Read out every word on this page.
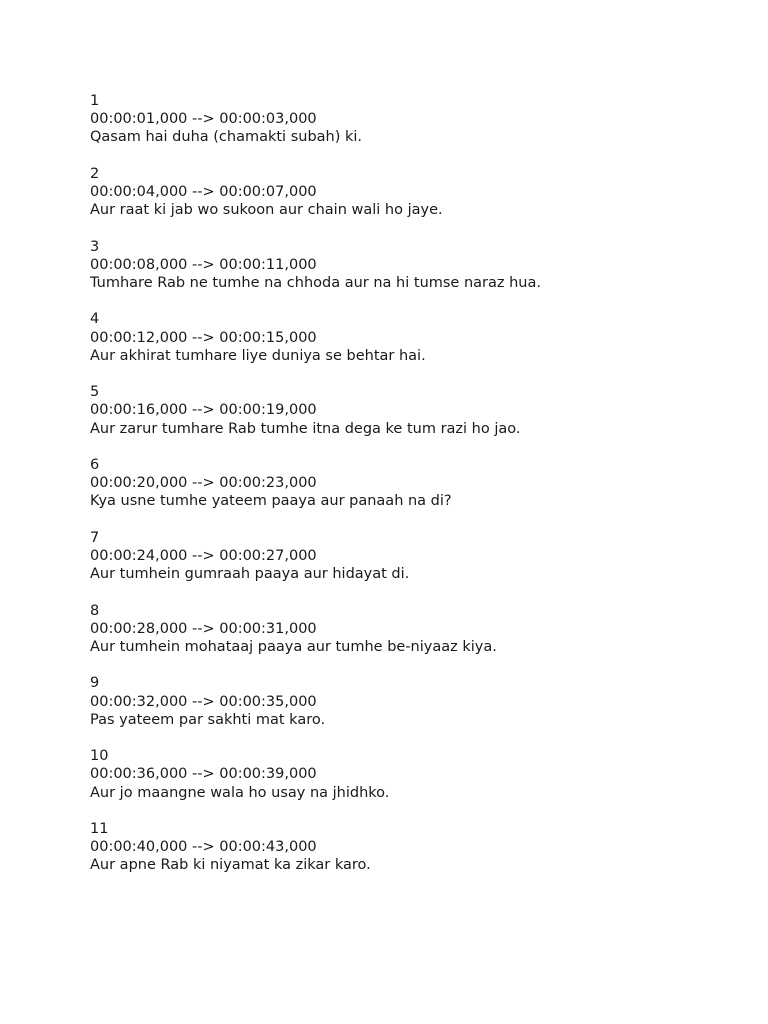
1
00:00:01,000 --> 00:00:03,000
Qasam hai duha (chamakti subah) ki.
2
00:00:04,000 --> 00:00:07,000
Aur raat ki jab wo sukoon aur chain wali ho jaye.
3
00:00:08,000 --> 00:00:11,000
Tumhare Rab ne tumhe na chhoda aur na hi tumse naraz hua.
4
00:00:12,000 --> 00:00:15,000
Aur akhirat tumhare liye duniya se behtar hai.
5
00:00:16,000 --> 00:00:19,000
Aur zarur tumhare Rab tumhe itna dega ke tum razi ho jao.
6
00:00:20,000 --> 00:00:23,000
Kya usne tumhe yateem paaya aur panaah na di?
7
00:00:24,000 --> 00:00:27,000
Aur tumhein gumraah paaya aur hidayat di.
8
00:00:28,000 --> 00:00:31,000
Aur tumhein mohataaj paaya aur tumhe be-niyaaz kiya.
9
00:00:32,000 --> 00:00:35,000
Pas yateem par sakhti mat karo.
10
00:00:36,000 --> 00:00:39,000
Aur jo maangne wala ho usay na jhidhko.
11
00:00:40,000 --> 00:00:43,000
Aur apne Rab ki niyamat ka zikar karo.
